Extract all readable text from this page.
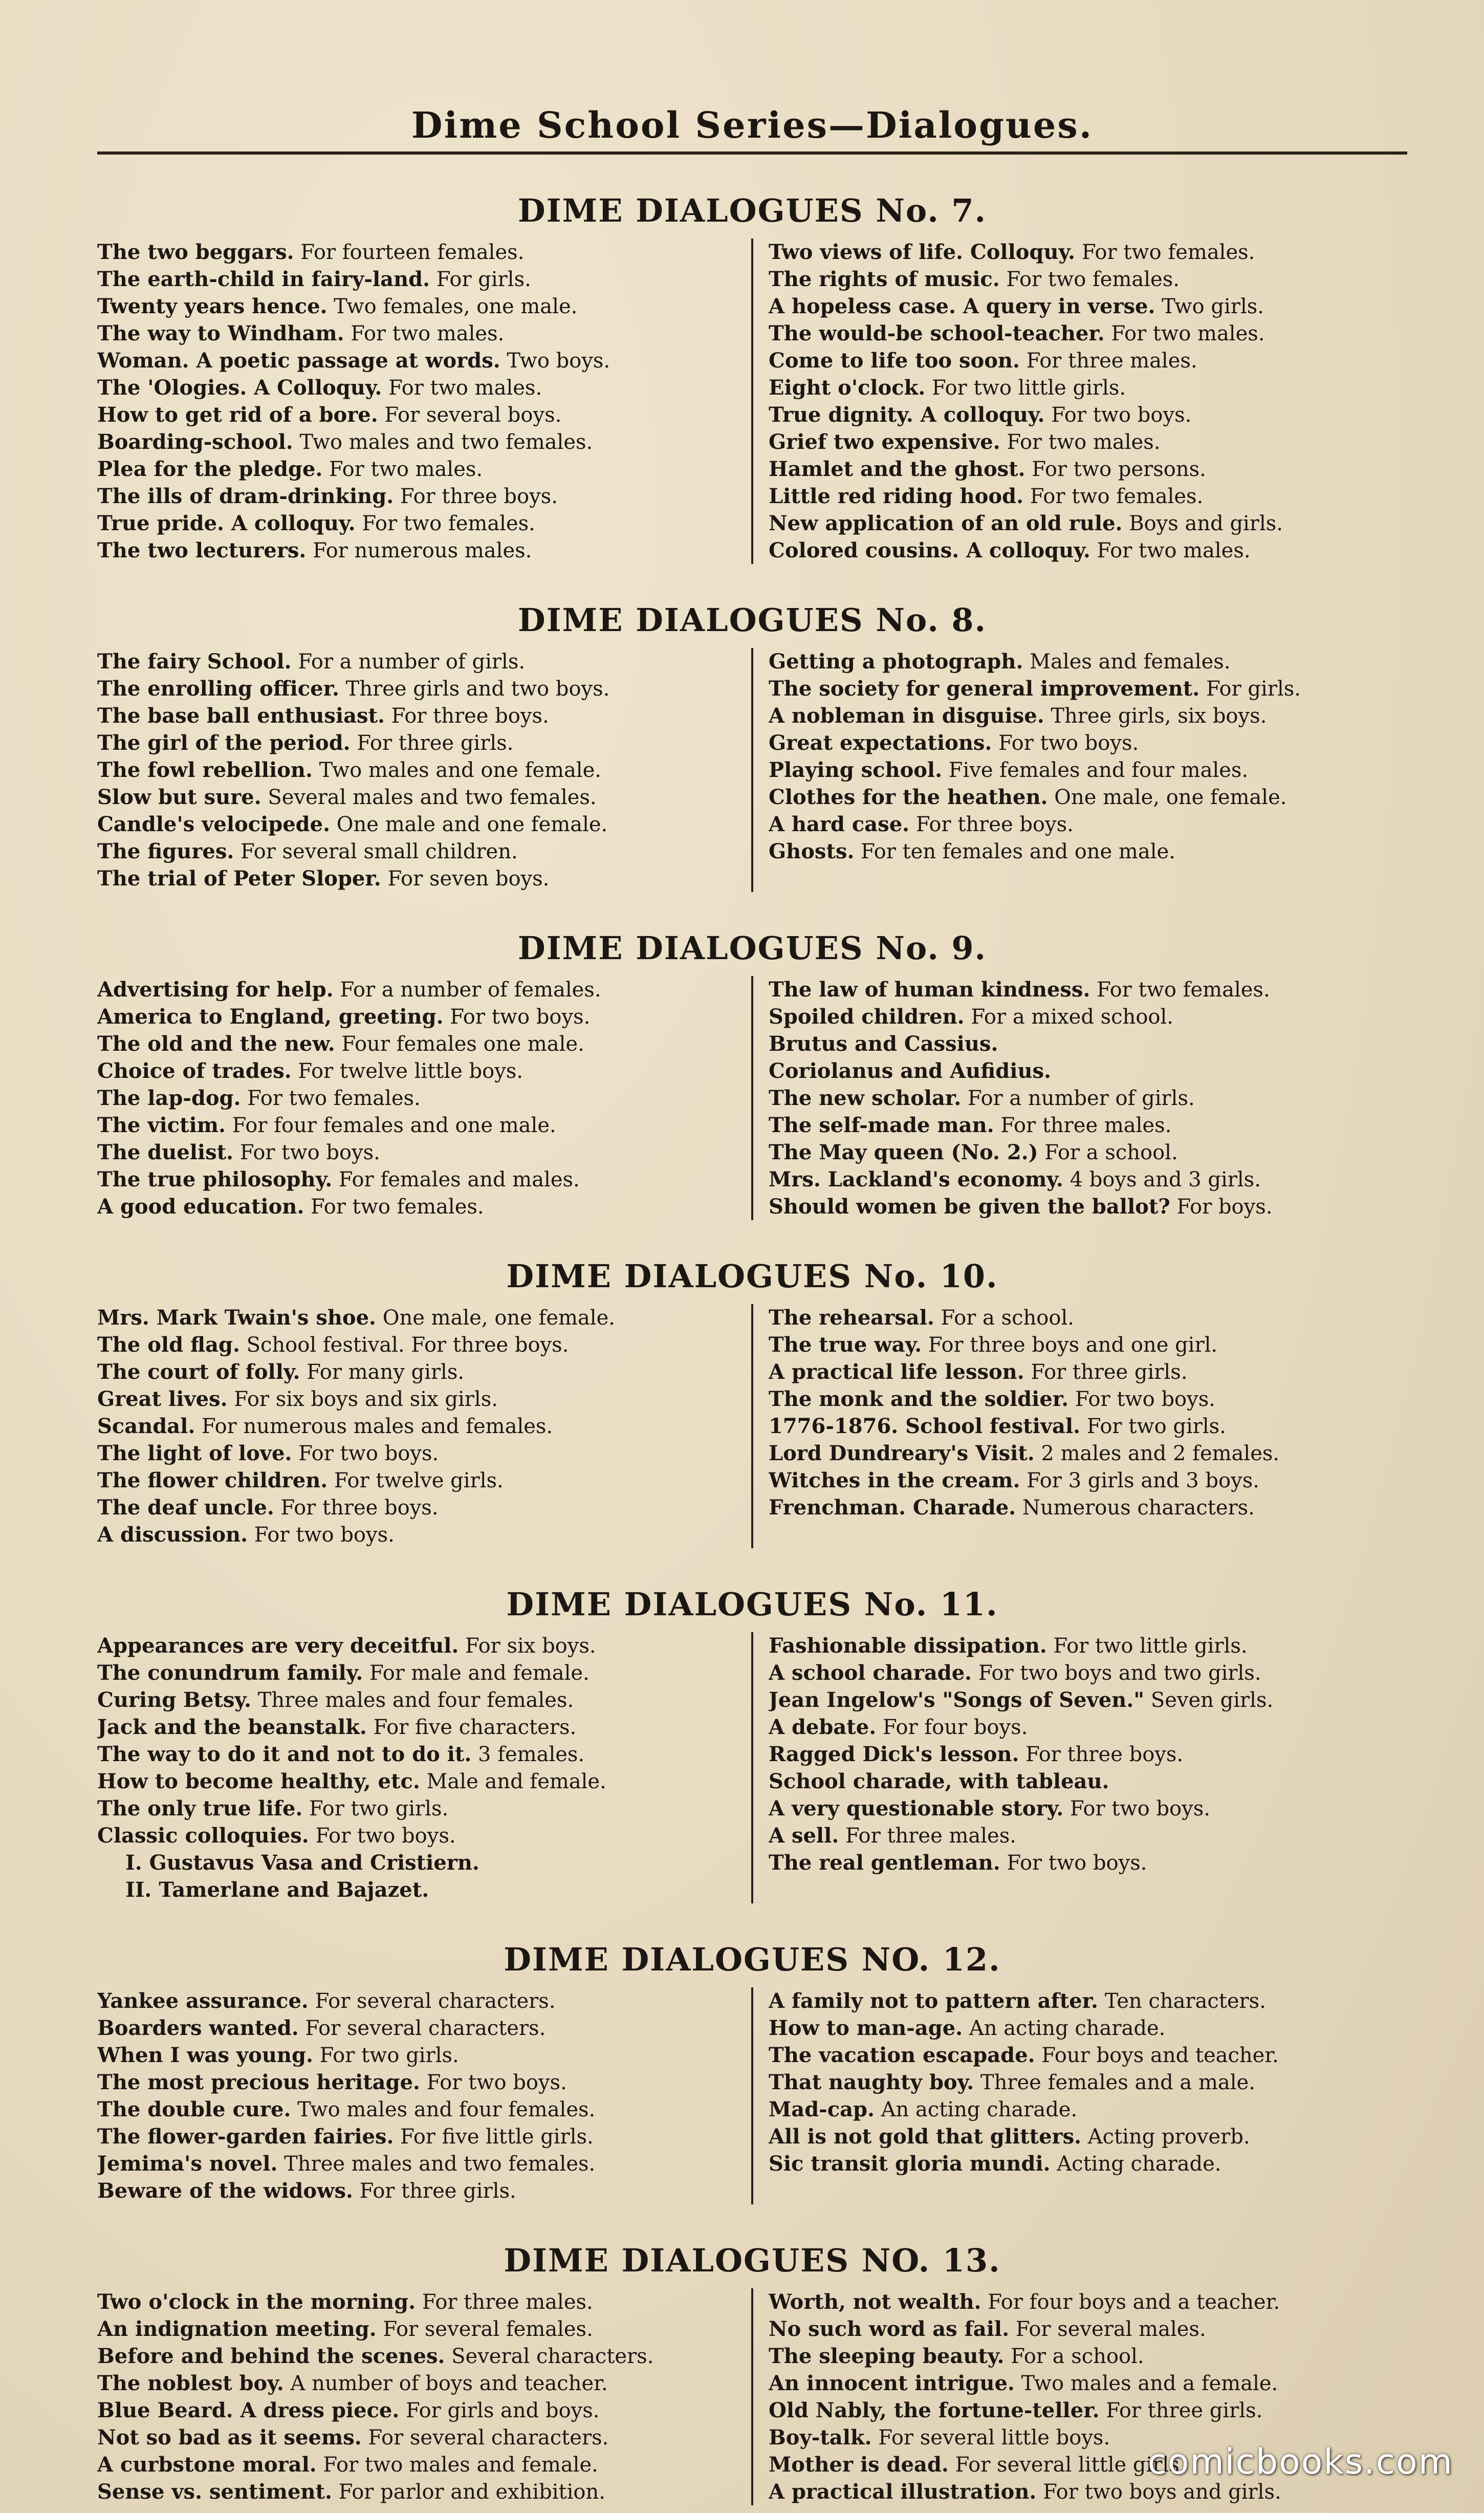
Dime School Series—Dialogues.
DIME DIALOGUES No. 7.
The two beggars. For fourteen females.
The earth-child in fairy-land. For girls.
Twenty years hence. Two females, one male.
The way to Windham. For two males.
Woman. A poetic passage at words. Two boys.
The 'Ologies. A Colloquy. For two males.
How to get rid of a bore. For several boys.
Boarding-school. Two males and two females.
Plea for the pledge. For two males.
The ills of dram-drinking. For three boys.
True pride. A colloquy. For two females.
The two lecturers. For numerous males.
Two views of life. Colloquy. For two females.
The rights of music. For two females.
A hopeless case. A query in verse. Two girls.
The would-be school-teacher. For two males.
Come to life too soon. For three males.
Eight o'clock. For two little girls.
True dignity. A colloquy. For two boys.
Grief two expensive. For two males.
Hamlet and the ghost. For two persons.
Little red riding hood. For two females.
New application of an old rule. Boys and girls.
Colored cousins. A colloquy. For two males.
DIME DIALOGUES No. 8.
The fairy School. For a number of girls.
The enrolling officer. Three girls and two boys.
The base ball enthusiast. For three boys.
The girl of the period. For three girls.
The fowl rebellion. Two males and one female.
Slow but sure. Several males and two females.
Candle's velocipede. One male and one female.
The figures. For several small children.
The trial of Peter Sloper. For seven boys.
Getting a photograph. Males and females.
The society for general improvement. For girls.
A nobleman in disguise. Three girls, six boys.
Great expectations. For two boys.
Playing school. Five females and four males.
Clothes for the heathen. One male, one female.
A hard case. For three boys.
Ghosts. For ten females and one male.
DIME DIALOGUES No. 9.
Advertising for help. For a number of females.
America to England, greeting. For two boys.
The old and the new. Four females one male.
Choice of trades. For twelve little boys.
The lap-dog. For two females.
The victim. For four females and one male.
The duelist. For two boys.
The true philosophy. For females and males.
A good education. For two females.
The law of human kindness. For two females.
Spoiled children. For a mixed school.
Brutus and Cassius.
Coriolanus and Aufidius.
The new scholar. For a number of girls.
The self-made man. For three males.
The May queen (No. 2.) For a school.
Mrs. Lackland's economy. 4 boys and 3 girls.
Should women be given the ballot? For boys.
DIME DIALOGUES No. 10.
Mrs. Mark Twain's shoe. One male, one female.
The old flag. School festival. For three boys.
The court of folly. For many girls.
Great lives. For six boys and six girls.
Scandal. For numerous males and females.
The light of love. For two boys.
The flower children. For twelve girls.
The deaf uncle. For three boys.
A discussion. For two boys.
The rehearsal. For a school.
The true way. For three boys and one girl.
A practical life lesson. For three girls.
The monk and the soldier. For two boys.
1776-1876. School festival. For two girls.
Lord Dundreary's Visit. 2 males and 2 females.
Witches in the cream. For 3 girls and 3 boys.
Frenchman. Charade. Numerous characters.
DIME DIALOGUES No. 11.
Appearances are very deceitful. For six boys.
The conundrum family. For male and female.
Curing Betsy. Three males and four females.
Jack and the beanstalk. For five characters.
The way to do it and not to do it. 3 females.
How to become healthy, etc. Male and female.
The only true life. For two girls.
Classic colloquies. For two boys.
I. Gustavus Vasa and Cristiern.
II. Tamerlane and Bajazet.
Fashionable dissipation. For two little girls.
A school charade. For two boys and two girls.
Jean Ingelow's "Songs of Seven." Seven girls.
A debate. For four boys.
Ragged Dick's lesson. For three boys.
School charade, with tableau.
A very questionable story. For two boys.
A sell. For three males.
The real gentleman. For two boys.
DIME DIALOGUES NO. 12.
Yankee assurance. For several characters.
Boarders wanted. For several characters.
When I was young. For two girls.
The most precious heritage. For two boys.
The double cure. Two males and four females.
The flower-garden fairies. For five little girls.
Jemima's novel. Three males and two females.
Beware of the widows. For three girls.
A family not to pattern after. Ten characters.
How to man-age. An acting charade.
The vacation escapade. Four boys and teacher.
That naughty boy. Three females and a male.
Mad-cap. An acting charade.
All is not gold that glitters. Acting proverb.
Sic transit gloria mundi. Acting charade.
DIME DIALOGUES NO. 13.
Two o'clock in the morning. For three males.
An indignation meeting. For several females.
Before and behind the scenes. Several characters.
The noblest boy. A number of boys and teacher.
Blue Beard. A dress piece. For girls and boys.
Not so bad as it seems. For several characters.
A curbstone moral. For two males and female.
Sense vs. sentiment. For parlor and exhibition.
Worth, not wealth. For four boys and a teacher.
No such word as fail. For several males.
The sleeping beauty. For a school.
An innocent intrigue. Two males and a female.
Old Nably, the fortune-teller. For three girls.
Boy-talk. For several little boys.
Mother is dead. For several little girls.
A practical illustration. For two boys and girls.
comicbooks.com
